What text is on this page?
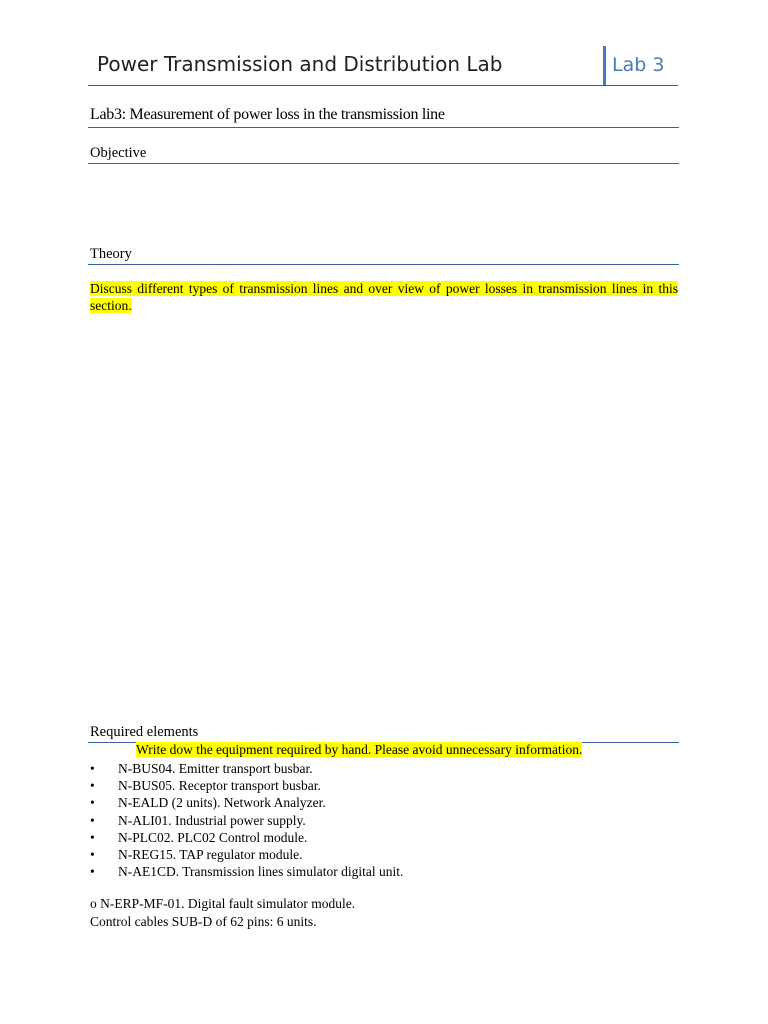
Power Transmission and Distribution Lab	Lab 3
Lab3: Measurement of power loss in the transmission line
Objective
Theory
Discuss different types of transmission lines and over view of power losses in transmission lines in this section.
Required elements
Write dow the equipment required by hand. Please avoid unnecessary information.
• N-BUS04. Emitter transport busbar.
• N-BUS05. Receptor transport busbar.
• N-EALD (2 units). Network Analyzer.
• N-ALI01. Industrial power supply.
• N-PLC02. PLC02 Control module.
• N-REG15. TAP regulator module.
• N-AE1CD. Transmission lines simulator digital unit.
o N-ERP-MF-01. Digital fault simulator module.
Control cables SUB-D of 62 pins: 6 units.
